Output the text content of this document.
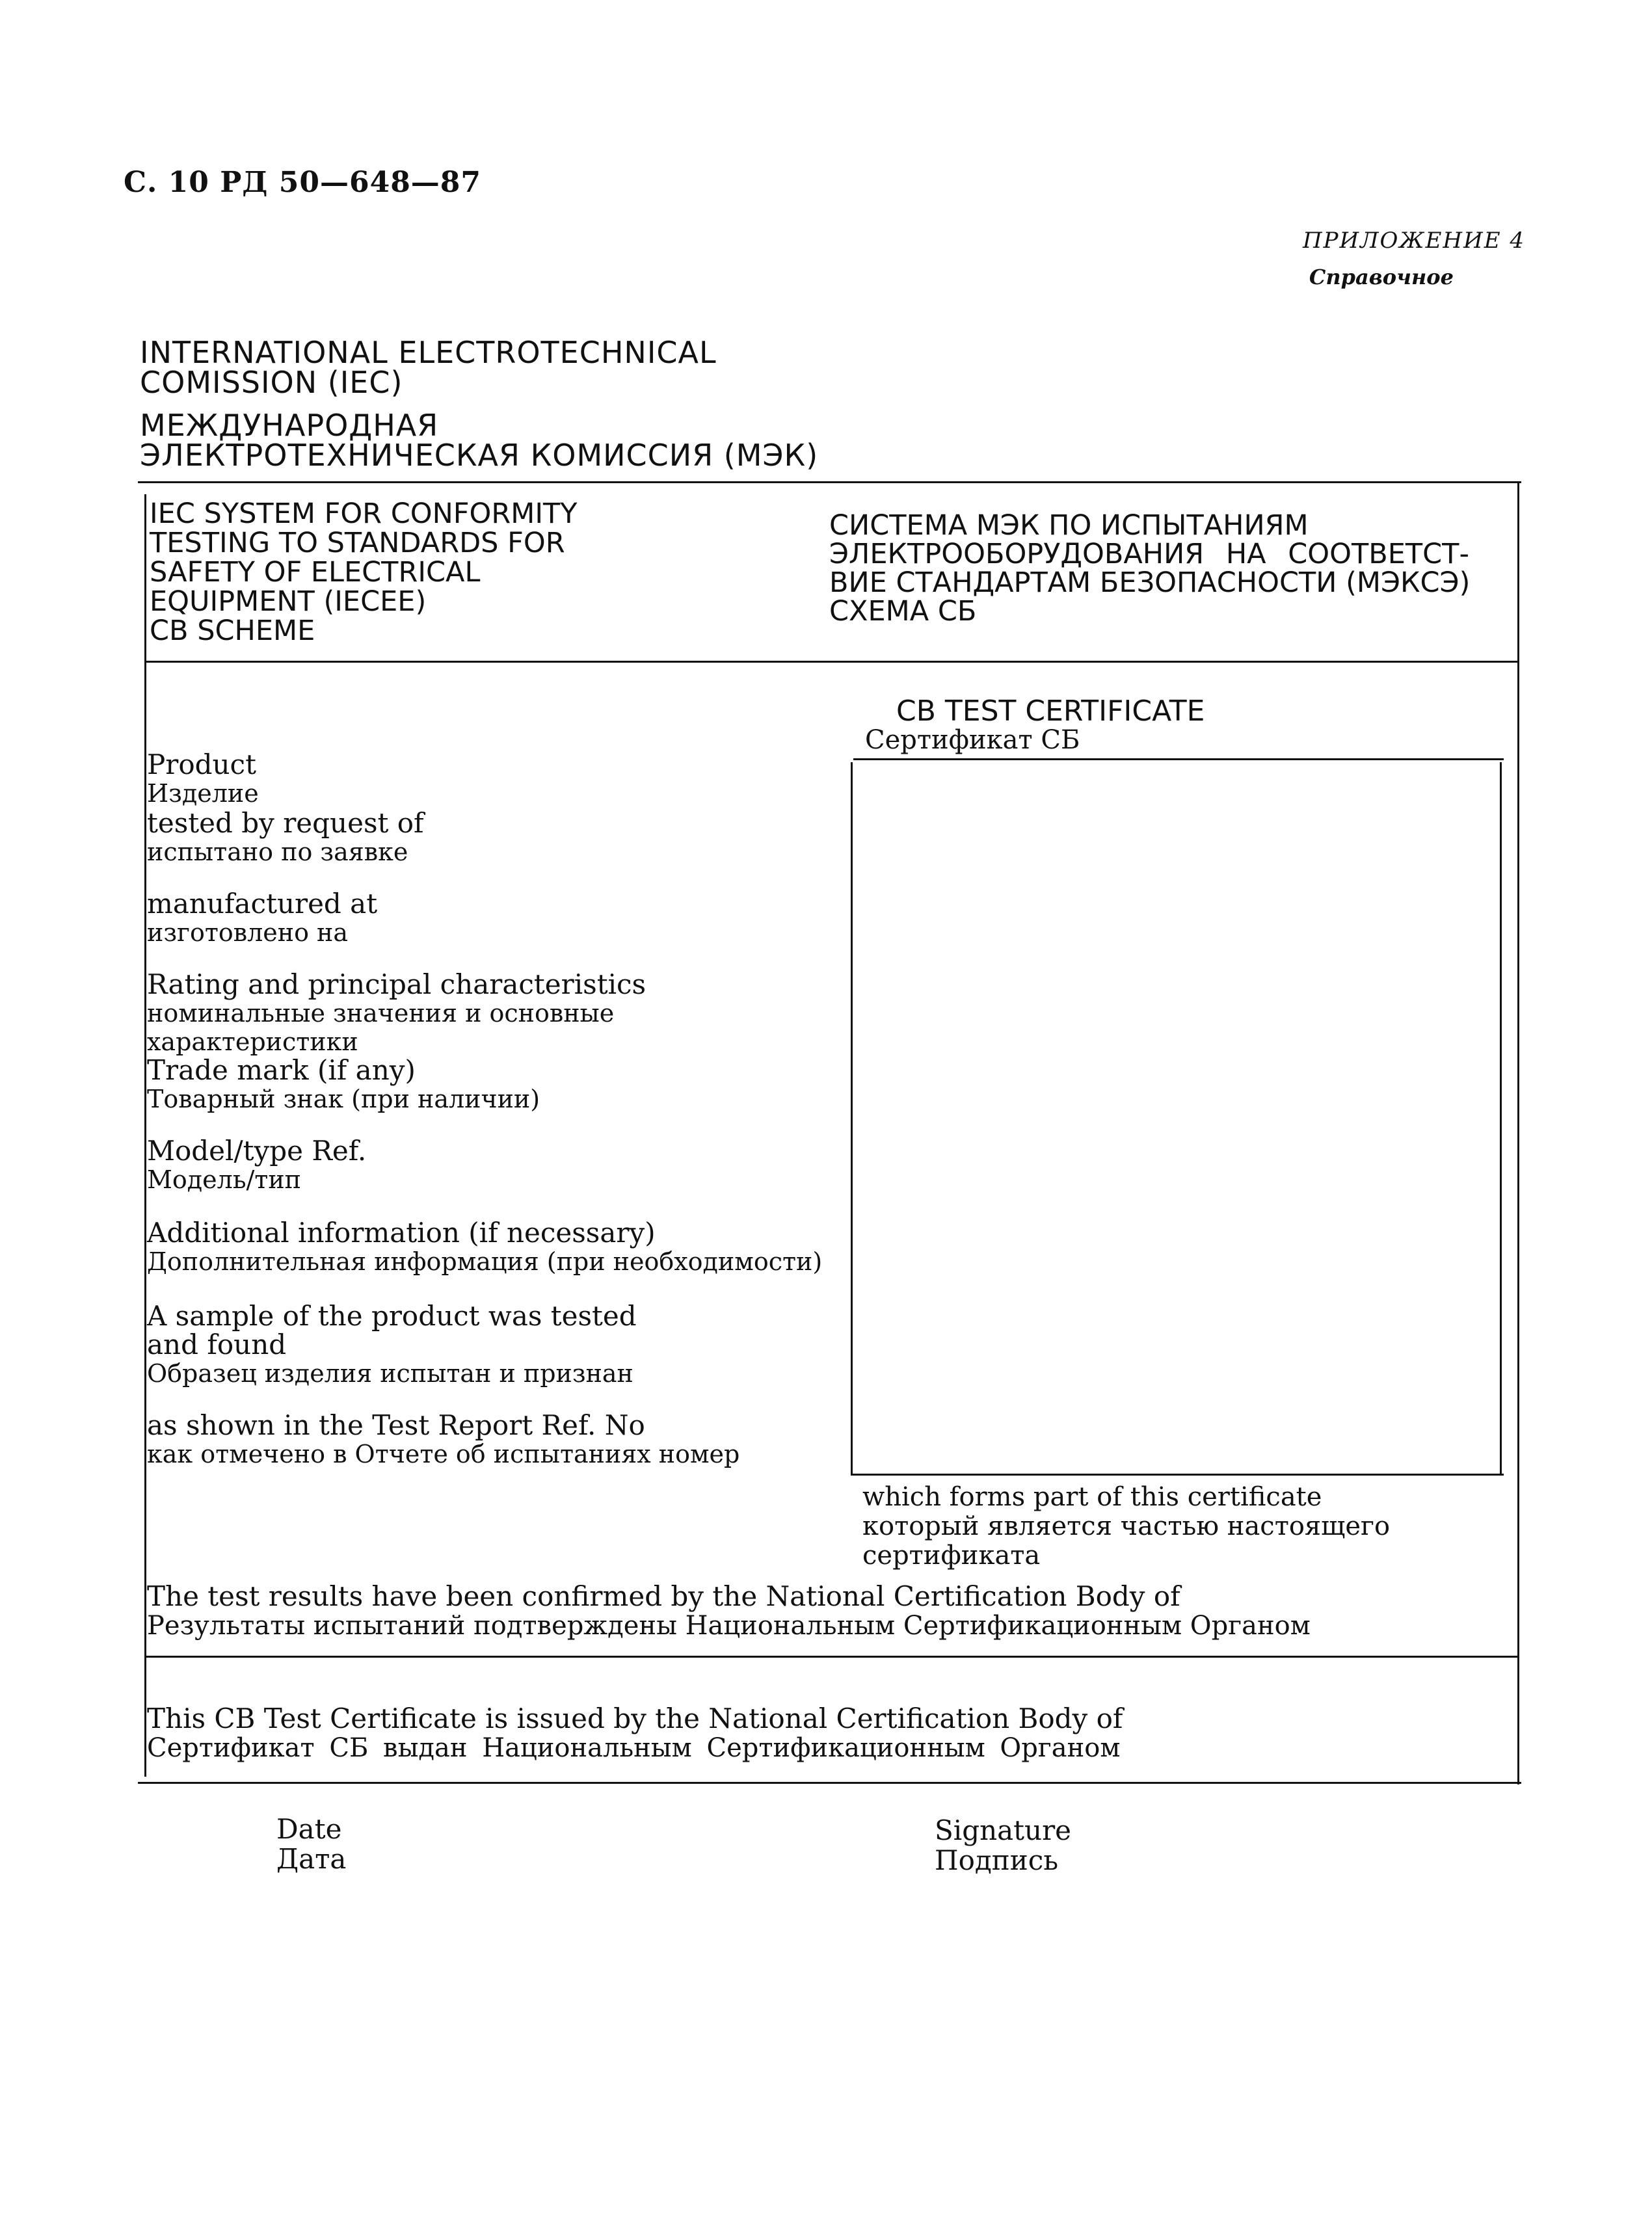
С. 10 РД 50—648—87
ПРИЛОЖЕНИЕ 4
Справочное
INTERNATIONAL ELECTROTECHNICAL
COMISSION (IEC)
МЕЖДУНАРОДНАЯ
ЭЛЕКТРОТЕХНИЧЕСКАЯ КОМИССИЯ (МЭК)
IEC SYSTEM FOR CONFORMITY
TESTING TO STANDARDS FOR
SAFETY OF ELECTRICAL
EQUIPMENT (IECEE)
CB SCHEME
СИСТЕМА МЭК ПО ИСПЫТАНИЯМ
ЭЛЕКТРООБОРУДОВАНИЯ НА СООТВЕТСТ-
ВИЕ СТАНДАРТАМ БЕЗОПАСНОСТИ (МЭКСЭ)
СХЕМА СБ
CB TEST CERTIFICATE
Сертификат СБ
Product
Изделие
tested by request of
испытано по заявке
manufactured at
изготовлено на
Rating and principal characteristics
номинальные значения и основные
характеристики
Trade mark (if any)
Товарный знак (при наличии)
Model/type Ref.
Модель/тип
Additional information (if necessary)
Дополнительная информация (при необходимости)
A sample of the product was tested
and found
Образец изделия испытан и признан
as shown in the Test Report Ref. No
как отмечено в Отчете об испытаниях номер
which forms part of this certificate
который является частью настоящего
сертификата
The test results have been confirmed by the National Certification Body of
Результаты испытаний подтверждены Национальным Сертификационным Органом
This CB Test Certificate is issued by the National Certification Body of
Сертификат СБ выдан Национальным Сертификационным Органом
Date
Дата
Signature
Подпись
